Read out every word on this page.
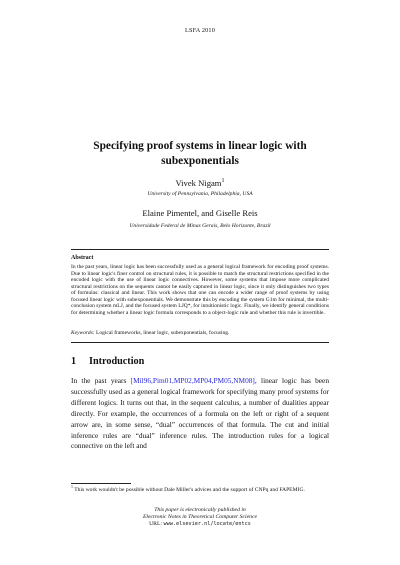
LSFA 2010
Specifying proof systems in linear logic with subexponentials
Vivek Nigam$^1$
University of Pennsylvania, Philadelphia, USA
Elaine Pimentel, and Giselle Reis
Universidade Federal de Minas Gerais, Belo Horizonte, Brazil
Abstract
In the past years, linear logic has been successfully used as a general logical framework for encoding proof systems. Due to linear logic's finer control on structural rules, it is possible to match the structural restrictions specified in the encoded logic with the use of linear logic connectives. However, some systems that impose more complicated structural restrictions on the sequents cannot be easily captured in linear logic, since it only distinguishes two types of formulas: classical and linear. This work shows that one can encode a wider range of proof systems by using focused linear logic with subexponentials. We demonstrate this by encoding the system G1m for minimal, the multi-conclusion system mLJ, and the focused system LJQ*, for intuitionistic logic. Finally, we identify general conditions for determining whether a linear logic formula corresponds to a object-logic rule and whether this rule is invertible.
Keywords: Logical frameworks, linear logic, subexponentials, focusing.
1 Introduction
In the past years [Mil96,Pim01,MP02,MP04,PM05,NM08], linear logic has been successfully used as a general logical framework for specifying many proof systems for different logics. It turns out that, in the sequent calculus, a number of dualities appear directly. For example, the occurrences of a formula on the left or right of a sequent arrow are, in some sense, “dual” occurrences of that formula. The cut and initial inference rules are “dual” inference rules. The introduction rules for a logical connective on the left and
$^1$ This work wouldn't be possible without Dale Miller's advices and the support of CNPq and FAPEMIG.
This paper is electronically published in
Electronic Notes in Theoretical Computer Science
URL: www.elsevier.nl/locate/entcs
